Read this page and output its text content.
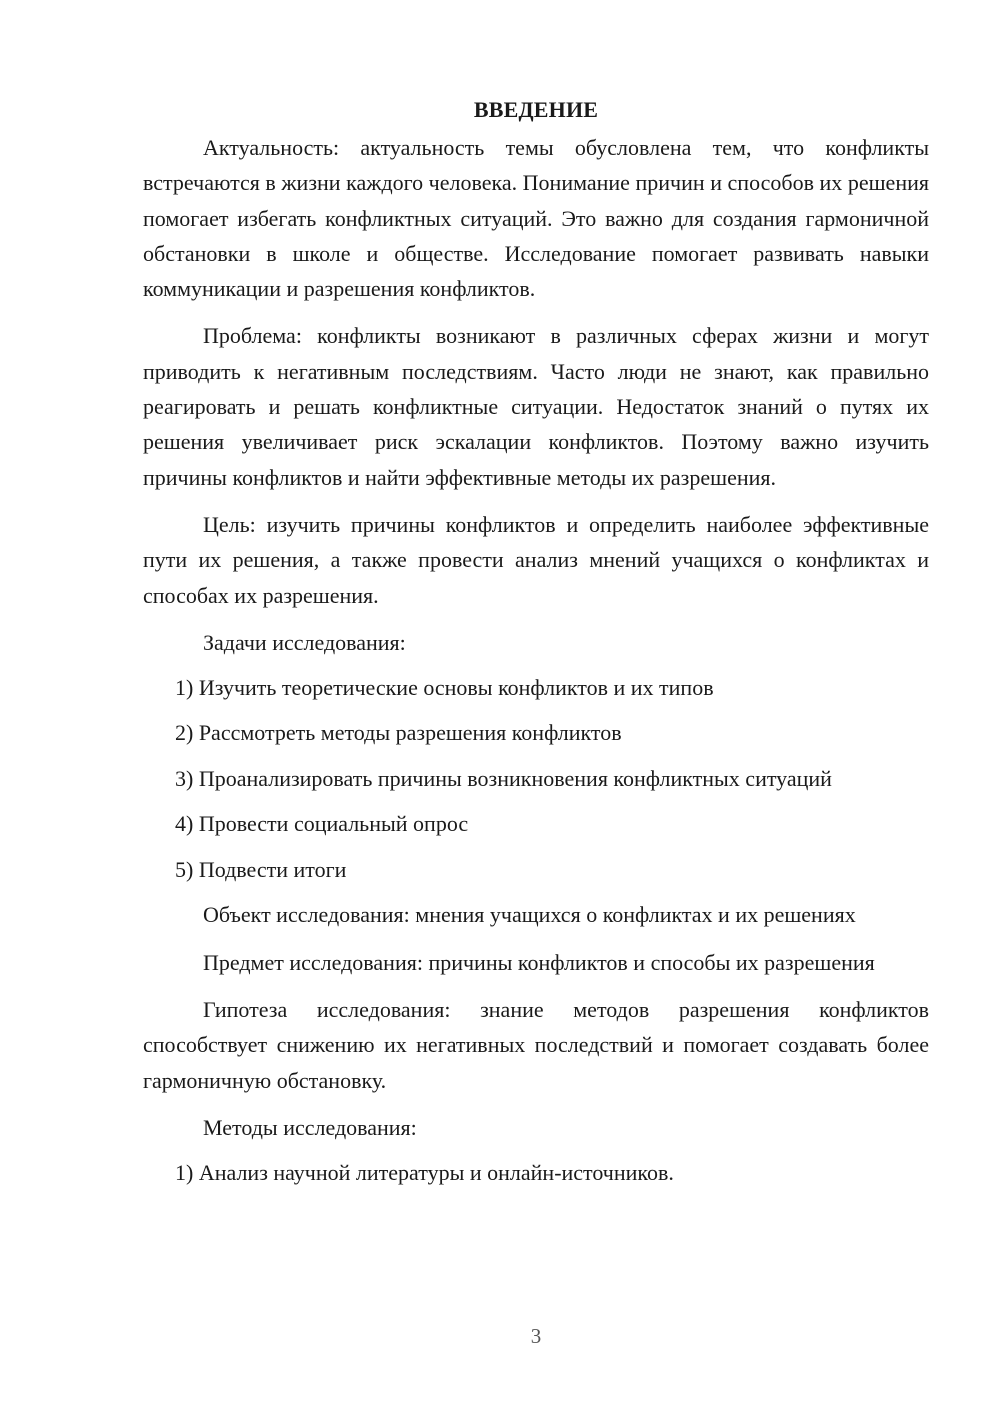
ВВЕДЕНИЕ

Актуальность: актуальность темы обусловлена тем, что конфликты встречаются в жизни каждого человека. Понимание причин и способов их решения помогает избегать конфликтных ситуаций. Это важно для создания гармоничной обстановки в школе и обществе. Исследование помогает развивать навыки коммуникации и разрешения конфликтов.

Проблема: конфликты возникают в различных сферах жизни и могут приводить к негативным последствиям. Часто люди не знают, как правильно реагировать и решать конфликтные ситуации. Недостаток знаний о путях их решения увеличивает риск эскалации конфликтов. Поэтому важно изучить причины конфликтов и найти эффективные методы их разрешения.

Цель: изучить причины конфликтов и определить наиболее эффективные пути их решения, а также провести анализ мнений учащихся о конфликтах и способах их разрешения.

Задачи исследования:

1) Изучить теоретические основы конфликтов и их типов
2) Рассмотреть методы разрешения конфликтов
3) Проанализировать причины возникновения конфликтных ситуаций
4) Провести социальный опрос
5) Подвести итоги

Объект исследования: мнения учащихся о конфликтах и их решениях

Предмет исследования: причины конфликтов и способы их разрешения

Гипотеза исследования: знание методов разрешения конфликтов способствует снижению их негативных последствий и помогает создавать более гармоничную обстановку.

Методы исследования:

1) Анализ научной литературы и онлайн-источников.
3
